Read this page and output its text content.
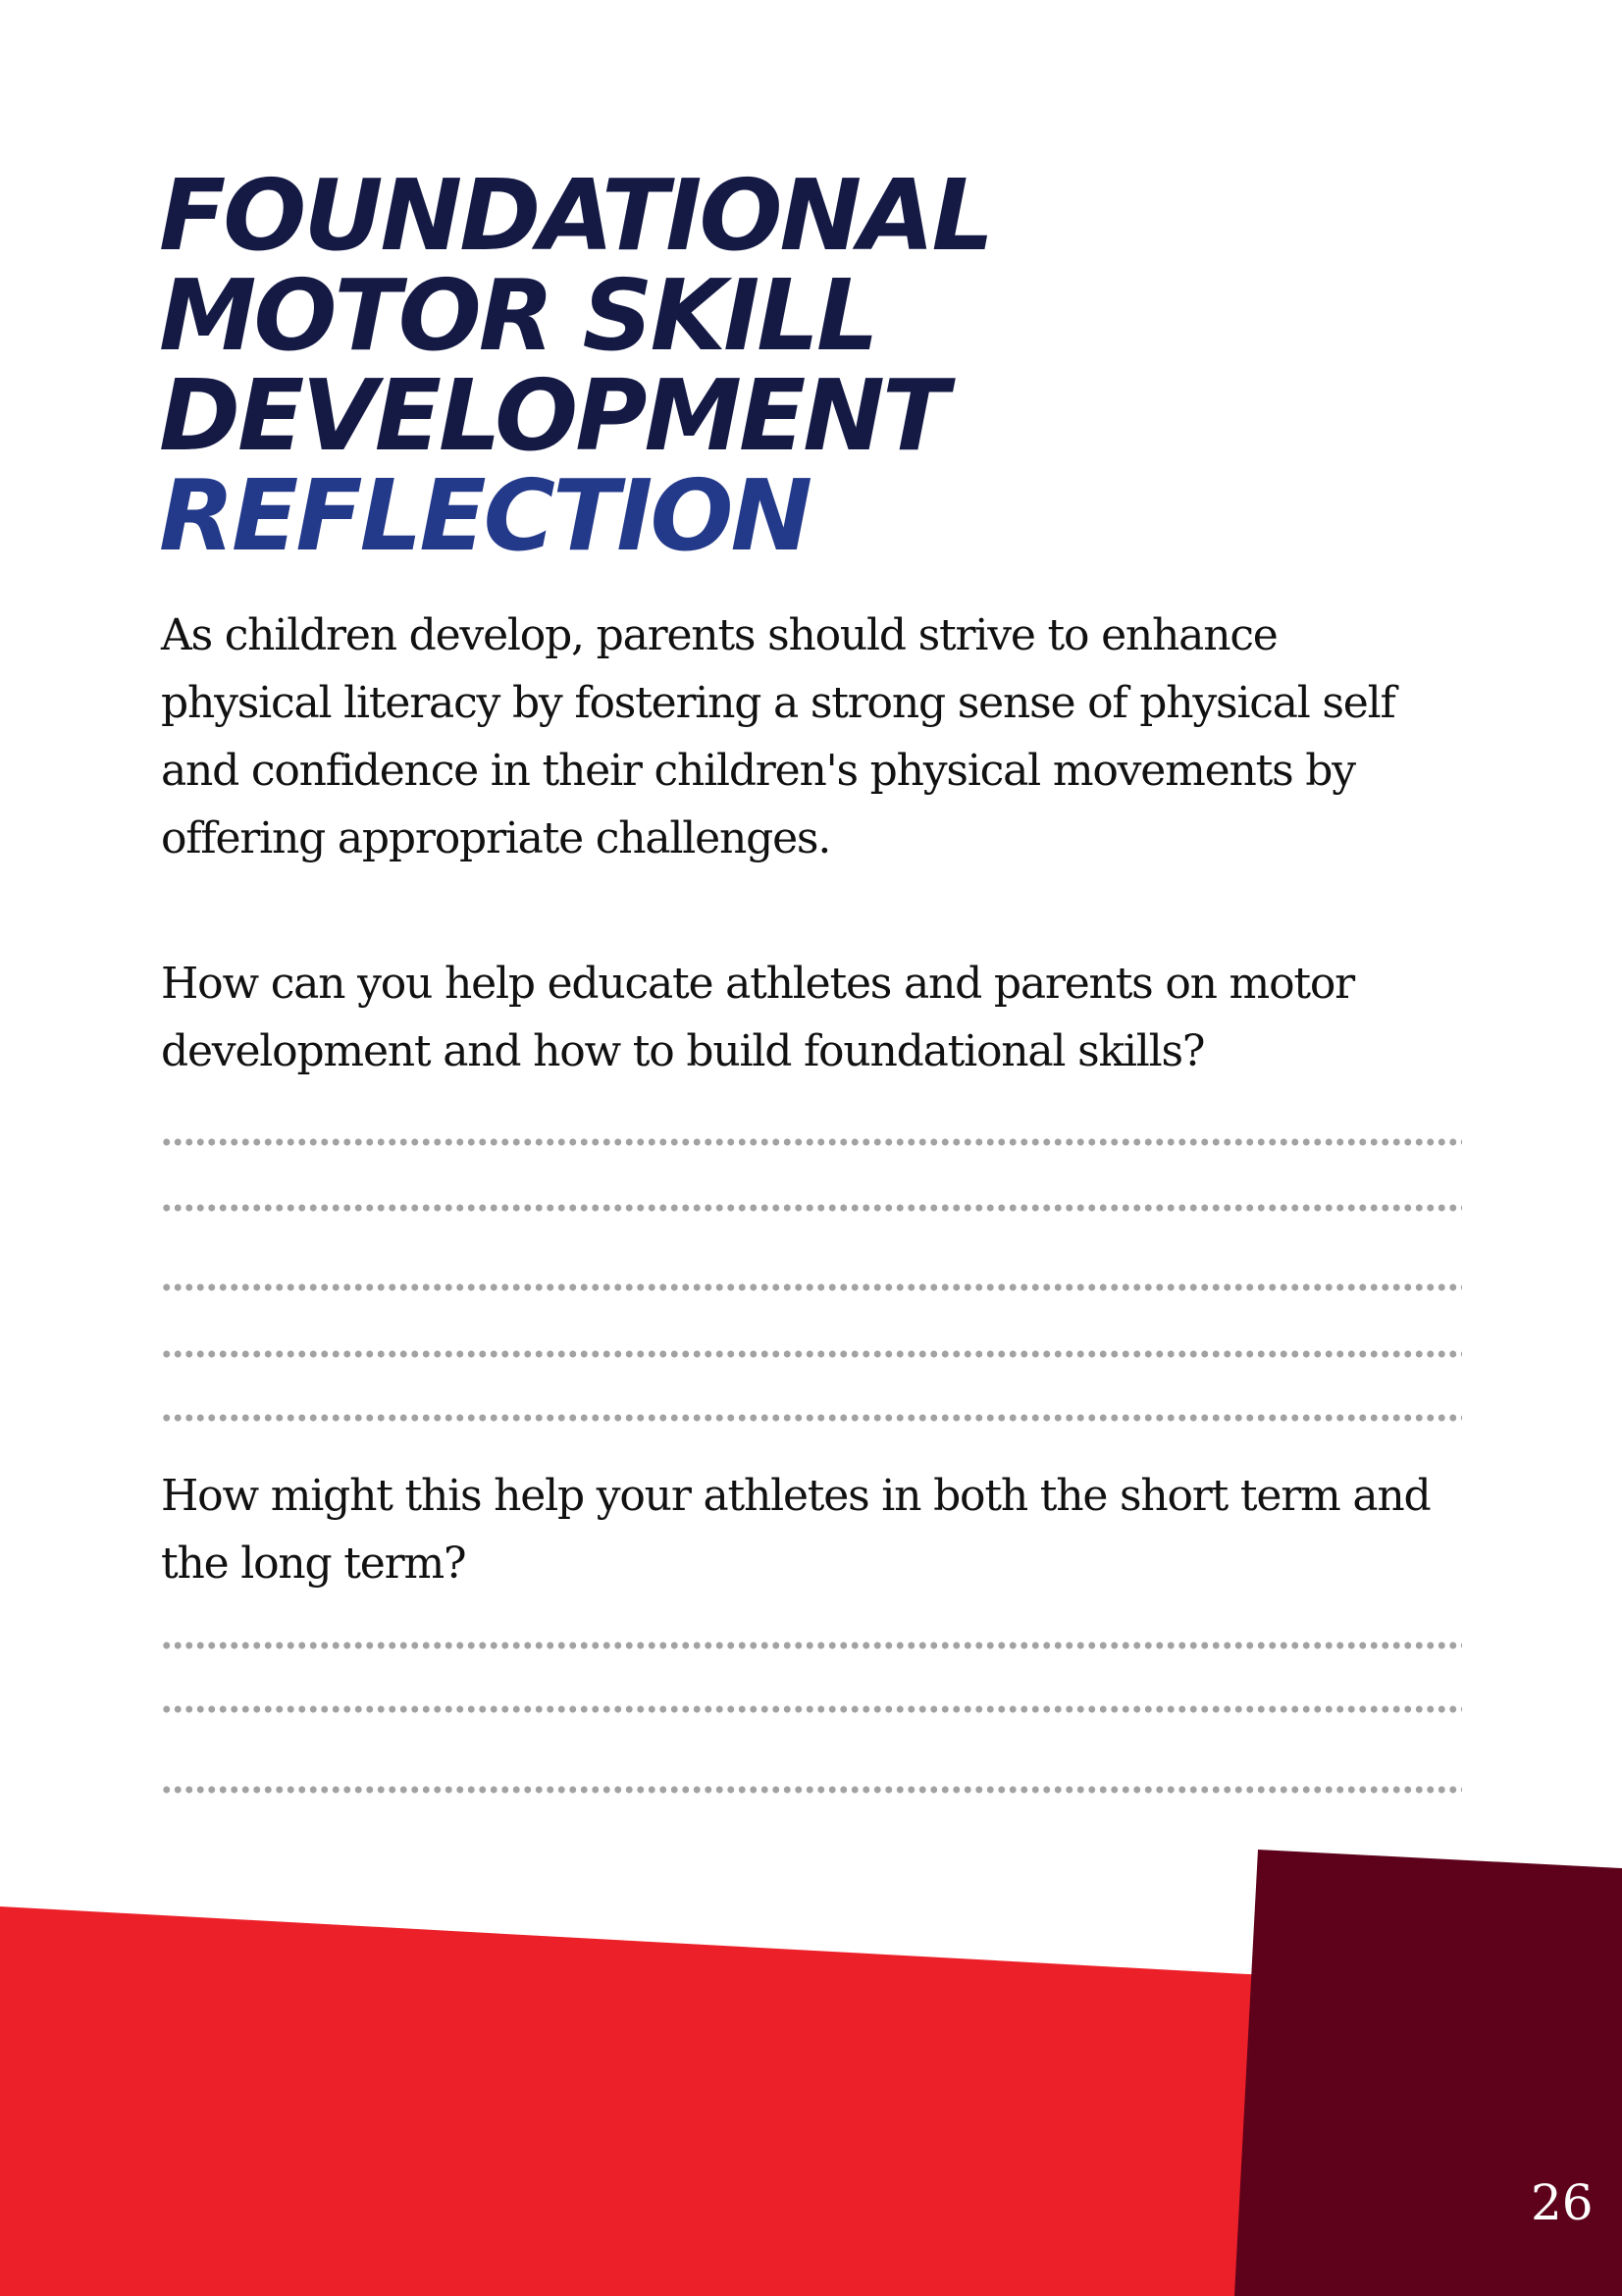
FOUNDATIONAL
MOTOR SKILL
DEVELOPMENT
REFLECTION

As children develop, parents should strive to enhance
physical literacy by fostering a strong sense of physical self
and confidence in their children's physical movements by
offering appropriate challenges.

How can you help educate athletes and parents on motor
development and how to build foundational skills?

How might this help your athletes in both the short term and
the long term?

26
